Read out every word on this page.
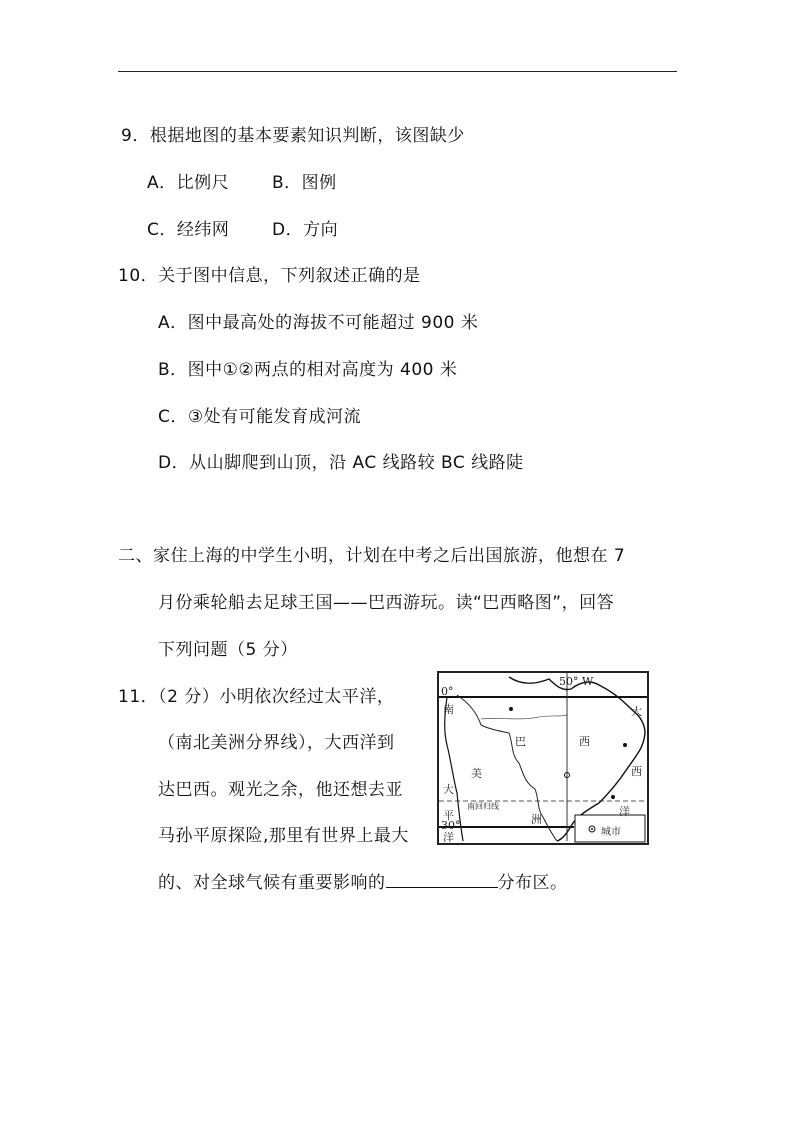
9．根据地图的基本要素知识判断，该图缺少
A．比例尺	B．图例
C．经纬网	D．方向
10．关于图中信息，下列叙述正确的是
A．图中最高处的海拔不可能超过 900 米
B．图中①②两点的相对高度为 400 米
C．③处有可能发育成河流
D．从山脚爬到山顶，沿 AC 线路较 BC 线路陡
二、家住上海的中学生小明，计划在中考之后出国旅游，他想在 7
月份乘轮船去足球王国——巴西游玩。读“巴西略图”，回答
下列问题（5 分）
11．（2 分）小明依次经过太平洋，
（南北美洲分界线），大西洋到
达巴西。观光之余，他还想去亚
马孙平原探险,那里有世界上最大
的、对全球气候有重要影响的	分布区。
50° W
0°
30°
南
巴	西
美
洲
大
平
洋
大
西
洋
南回归线
城市
